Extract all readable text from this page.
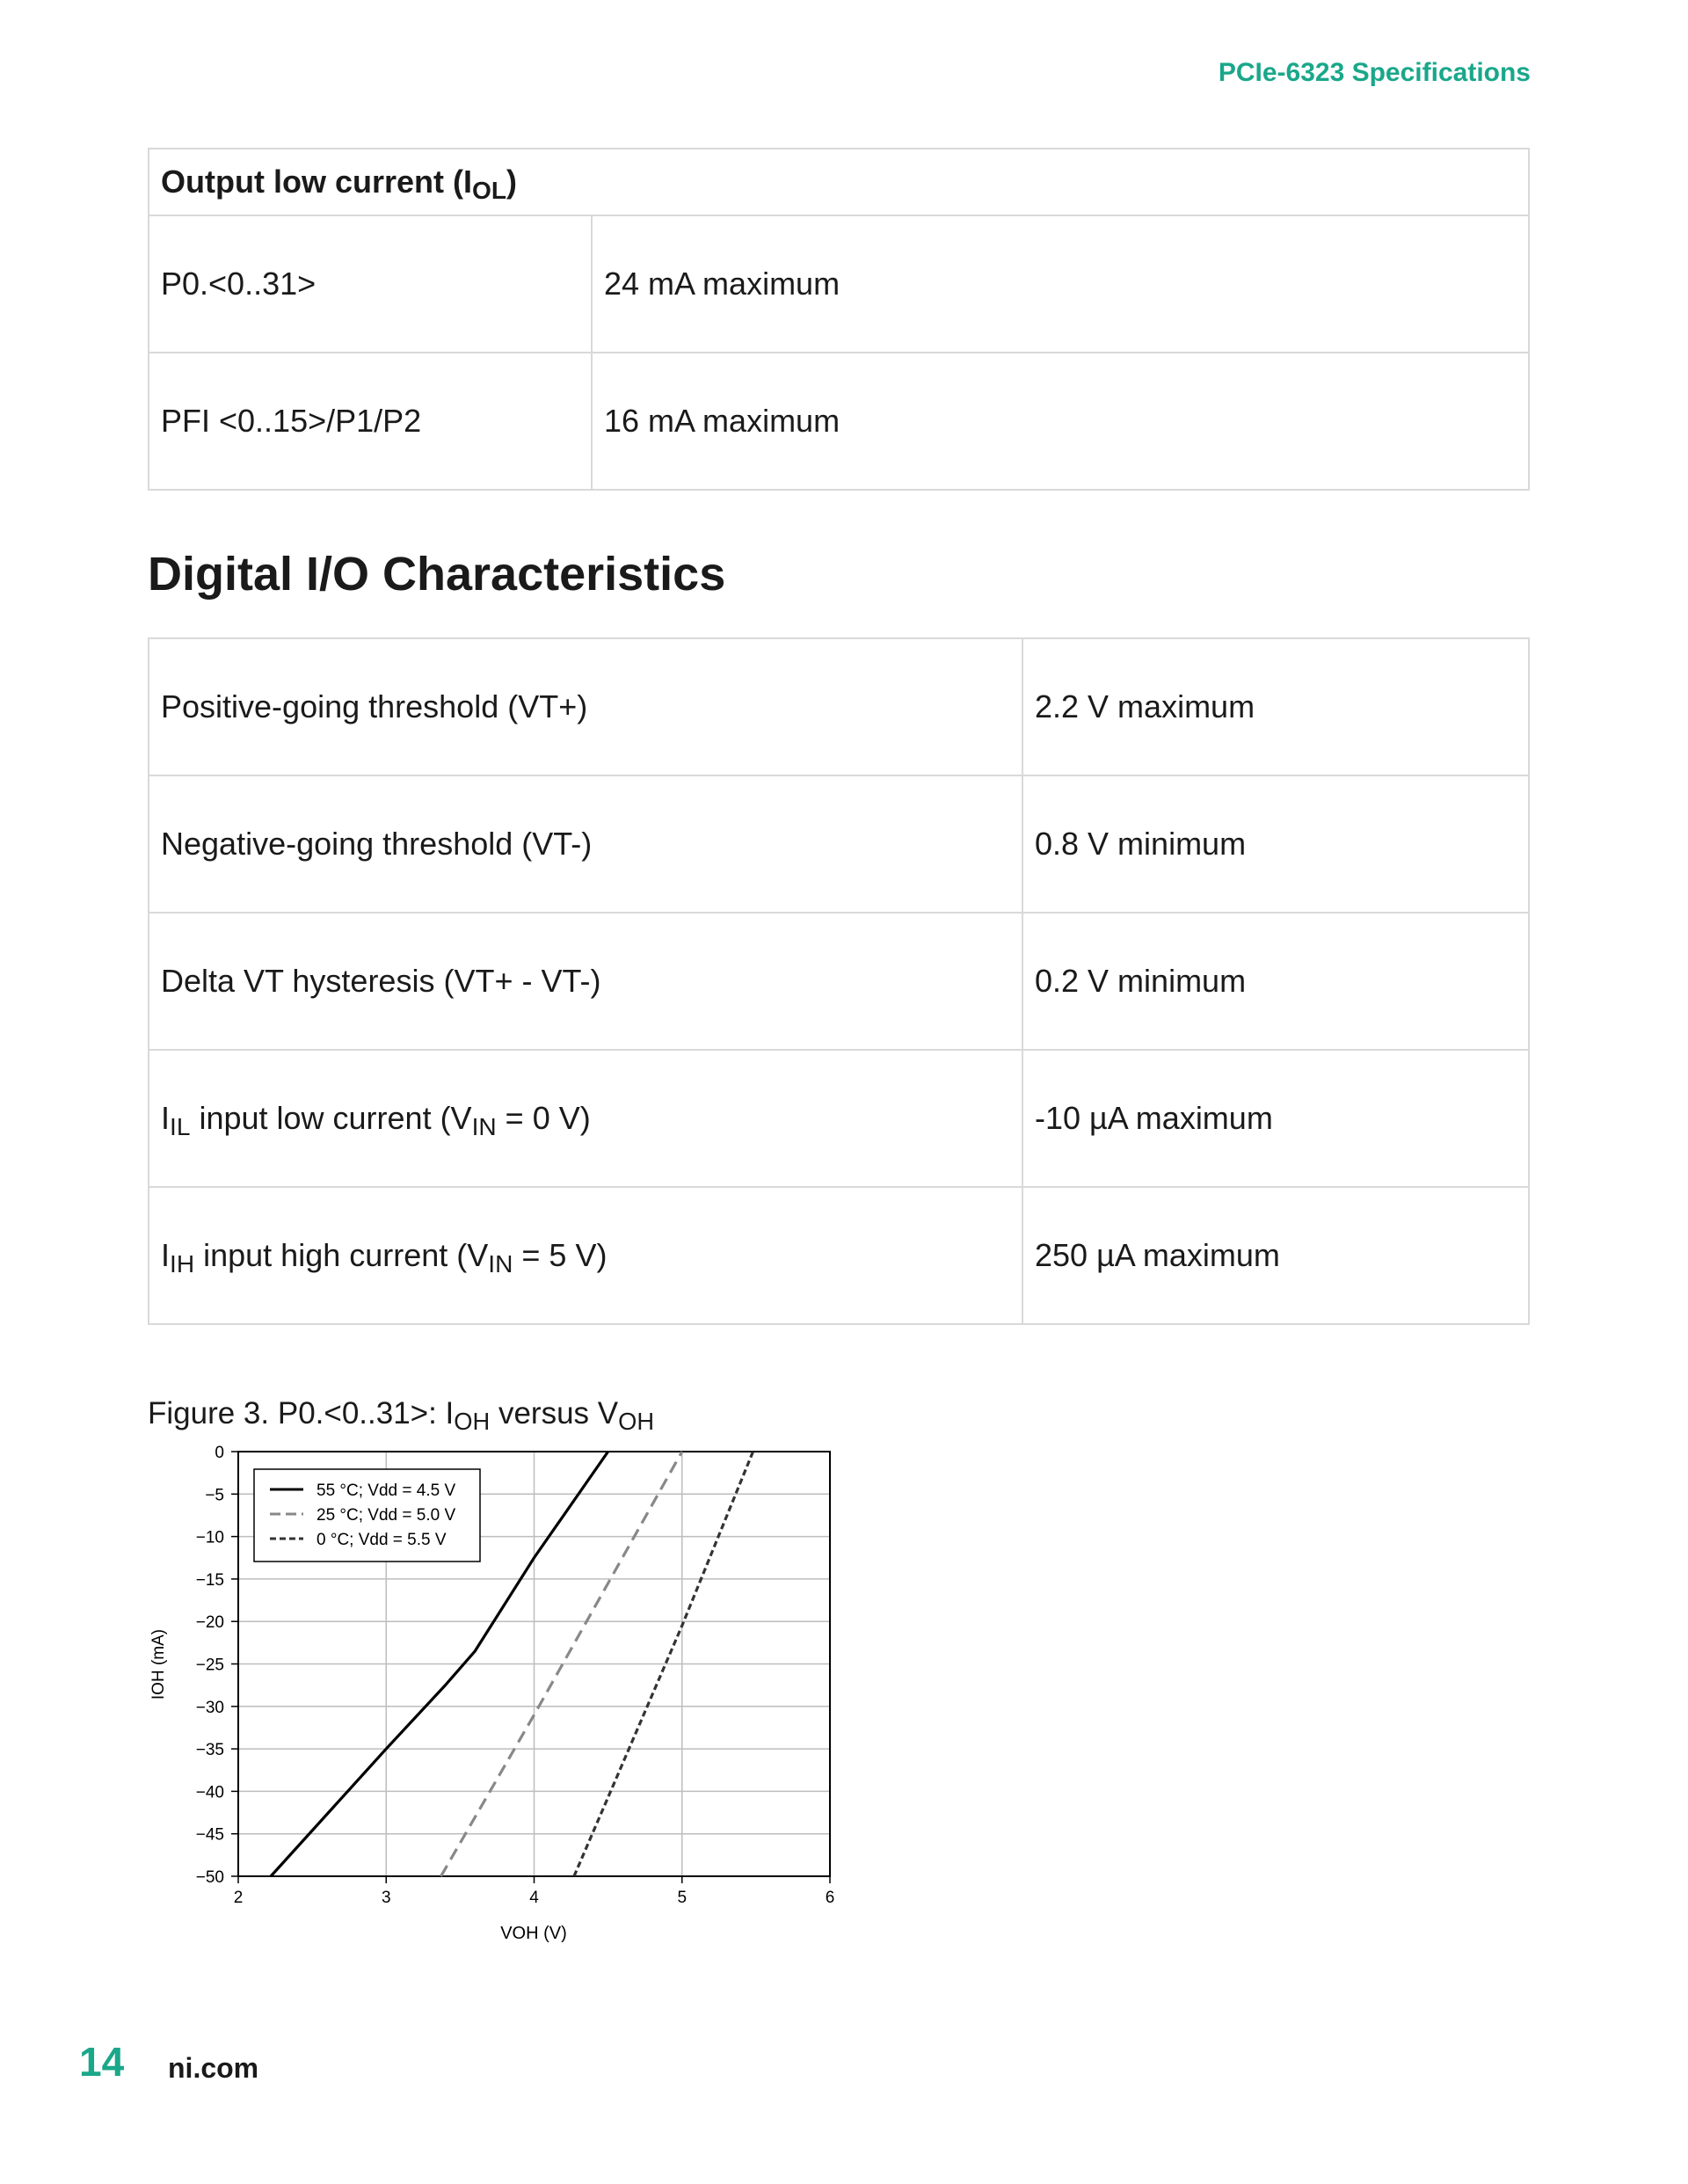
PCIe-6323 Specifications
Output low current $(I_{OL})$	
P0.<0..31>	24 mA maximum
PFI <0..15>/P1/P2	16 mA maximum
Digital I/O Characteristics
Positive-going threshold (VT+)	2.2 V maximum
Negative-going threshold (VT-)	0.8 V minimum
Delta VT hysteresis (VT+ - VT-)	0.2 V minimum
$I_{IL}$ input low current ($V_{IN} = 0$ V)	-10 µA maximum
$I_{IH}$ input high current ($V_{IN} = 5$ V)	250 µA maximum
Figure 3. P0.<0..31>: $I_{OH}$ versus $V_{OH}$
2	3	4	5	6
0
−5
−10
−15
−20
−25
−30
−35
−40
−45
−50
VOH (V)
IOH (mA)
55 °C; Vdd = 4.5 V
25 °C; Vdd = 5.0 V
0 °C; Vdd = 5.5 V
14 ni.com
